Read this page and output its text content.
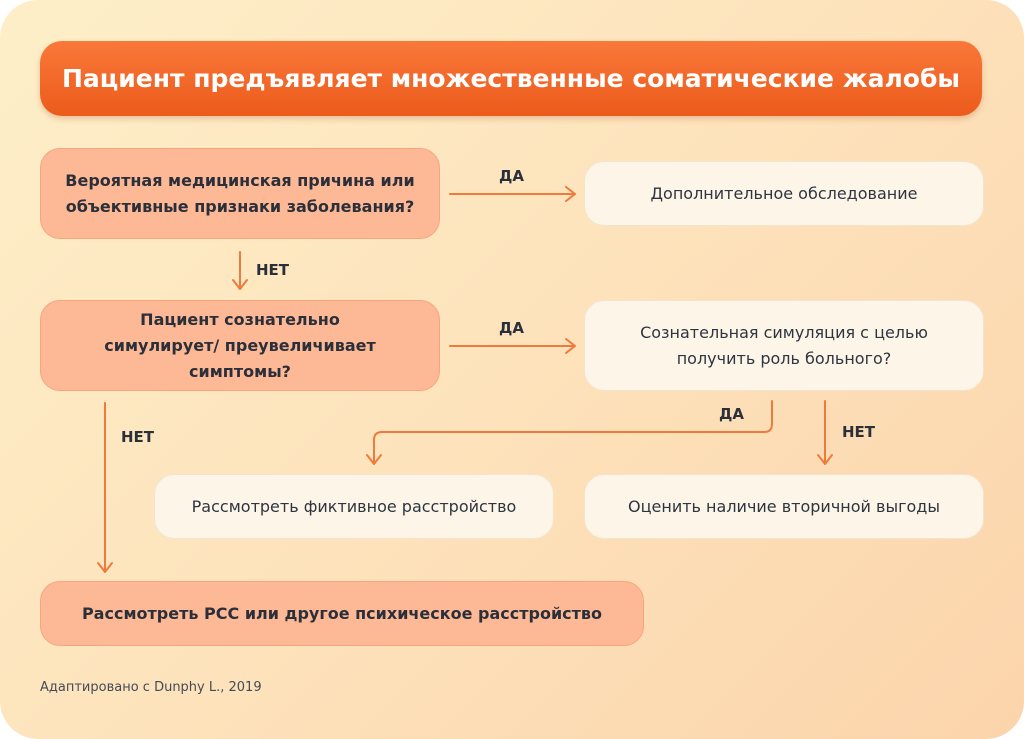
Пациент предъявляет множественные соматические жалобы
Вероятная медицинская причина или объективные признаки заболевания?
Дополнительное обследование
Пациент сознательно симулирует/ преувеличивает симптомы?
Сознательная симуляция с целью получить роль больного?
Рассмотреть фиктивное расстройство	Оценить наличие вторичной выгоды
Рассмотреть РСС или другое психическое расстройство
ДА
НЕТ
ДА
НЕТ
ДА
НЕТ
Адаптировано с Dunphy L., 2019
